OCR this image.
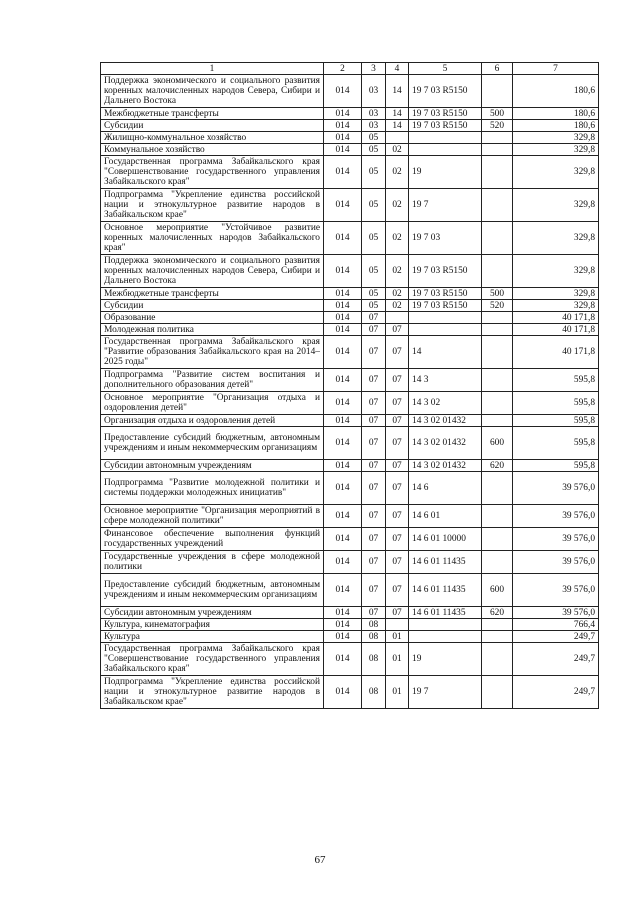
1	2	3	4	5	6	7
Поддержка экономического и социального развития коренных малочисленных народов Севера, Сибири и Дальнего Востока	014	03	14	19 7 03 R5150		180,6
Межбюджетные трансферты	014	03	14	19 7 03 R5150	500	180,6
Субсидии	014	03	14	19 7 03 R5150	520	180,6
Жилищно-коммунальное хозяйство	014	05				329,8
Коммунальное хозяйство	014	05	02			329,8
Государственная программа Забайкальского края "Совершенствование государственного управления Забайкальского края"	014	05	02	19		329,8
Подпрограмма "Укрепление единства российской нации и этнокультурное развитие народов в Забайкальском крае"	014	05	02	19 7		329,8
Основное мероприятие "Устойчивое развитие коренных малочисленных народов Забайкальского края"	014	05	02	19 7 03		329,8
Поддержка экономического и социального развития коренных малочисленных народов Севера, Сибири и Дальнего Востока	014	05	02	19 7 03 R5150		329,8
Межбюджетные трансферты	014	05	02	19 7 03 R5150	500	329,8
Субсидии	014	05	02	19 7 03 R5150	520	329,8
Образование	014	07				40 171,8
Молодежная политика	014	07	07			40 171,8
Государственная программа Забайкальского края "Развитие образования Забайкальского края на 2014–2025 годы"	014	07	07	14		40 171,8
Подпрограмма "Развитие систем воспитания и дополнительного образования детей"	014	07	07	14 3		595,8
Основное мероприятие "Организация отдыха и оздоровления детей"	014	07	07	14 3 02		595,8
Организация отдыха и оздоровления детей	014	07	07	14 3 02 01432		595,8
Предоставление субсидий бюджетным, автономным учреждениям и иным некоммерческим организациям	014	07	07	14 3 02 01432	600	595,8
Субсидии автономным учреждениям	014	07	07	14 3 02 01432	620	595,8
Подпрограмма "Развитие молодежной политики и системы поддержки молодежных инициатив"	014	07	07	14 6		39 576,0
Основное мероприятие "Организация мероприятий в сфере молодежной политики"	014	07	07	14 6 01		39 576,0
Финансовое обеспечение выполнения функций государственных учреждений	014	07	07	14 6 01 10000		39 576,0
Государственные учреждения в сфере молодежной политики	014	07	07	14 6 01 11435		39 576,0
Предоставление субсидий бюджетным, автономным учреждениям и иным некоммерческим организациям	014	07	07	14 6 01 11435	600	39 576,0
Субсидии автономным учреждениям	014	07	07	14 6 01 11435	620	39 576,0
Культура, кинематография	014	08				766,4
Культура	014	08	01			249,7
Государственная программа Забайкальского края "Совершенствование государственного управления Забайкальского края"	014	08	01	19		249,7
Подпрограмма "Укрепление единства российской нации и этнокультурное развитие народов в Забайкальском крае"	014	08	01	19 7		249,7
67
